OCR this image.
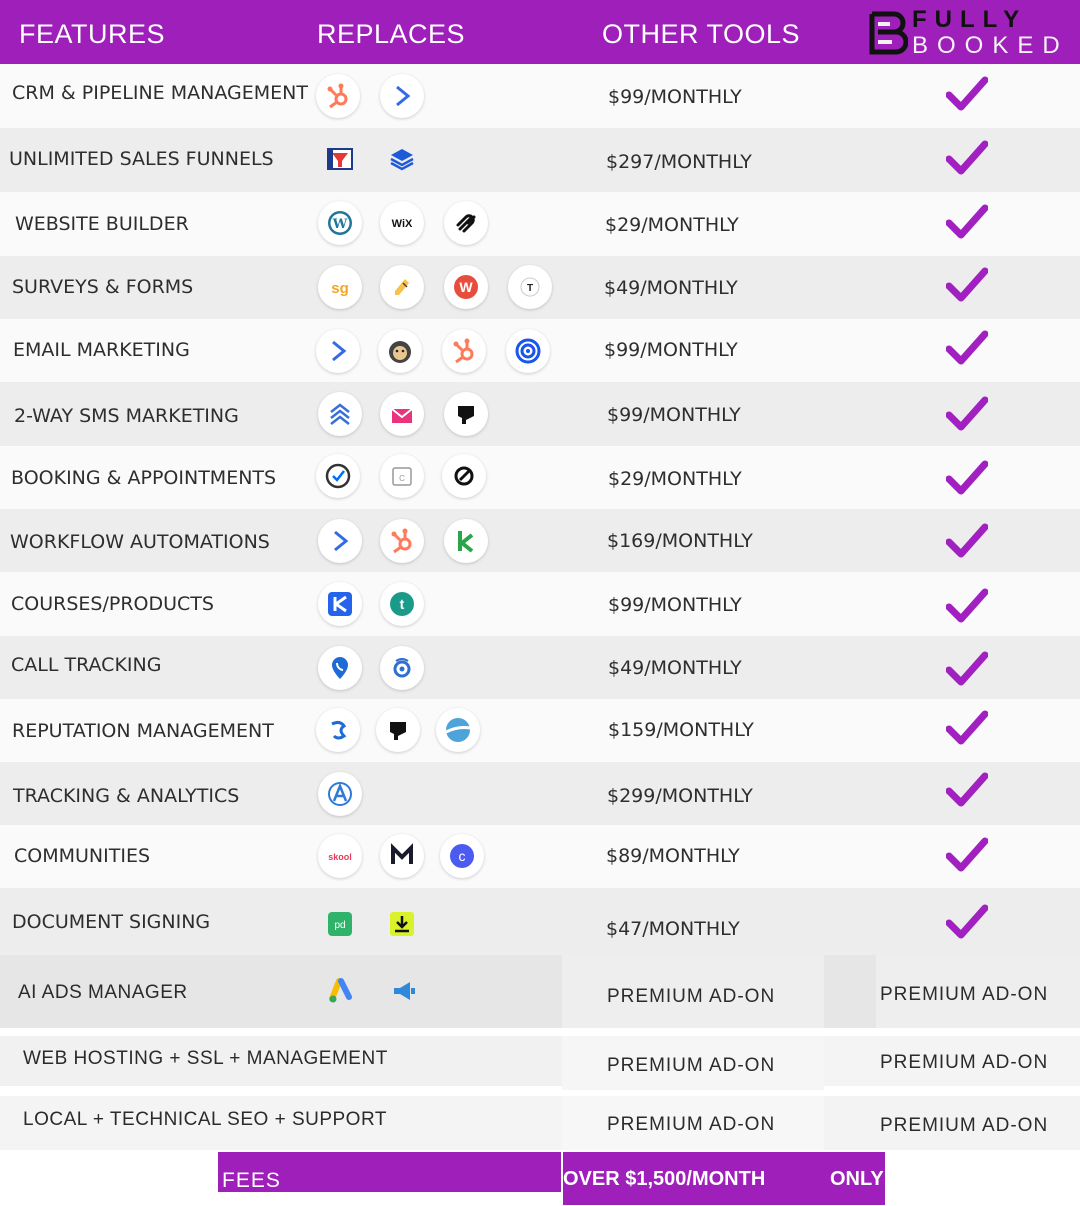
FEATURES	REPLACES	OTHER TOOLS	FULLY
BOOKED
CRM & PIPELINE MANAGEMENT	$99/MONTHLY
UNLIMITED SALES FUNNELS	$297/MONTHLY
WEBSITE BUILDER	W	WiX	$29/MONTHLY
SURVEYS & FORMS	sg	W	T	$49/MONTHLY
EMAIL MARKETING	$99/MONTHLY
2-WAY SMS MARKETING	$99/MONTHLY
BOOKING & APPOINTMENTS	C	$29/MONTHLY
WORKFLOW AUTOMATIONS	$169/MONTHLY
COURSES/PRODUCTS	t	$99/MONTHLY
CALL TRACKING	$49/MONTHLY
REPUTATION MANAGEMENT	$159/MONTHLY
TRACKING & ANALYTICS	$299/MONTHLY
COMMUNITIES	skool	c	$89/MONTHLY
DOCUMENT SIGNING	pd	$47/MONTHLY
AI ADS MANAGER	PREMIUM AD-ON	PREMIUM AD-ON
WEB HOSTING + SSL + MANAGEMENT	PREMIUM AD-ON	PREMIUM AD-ON
LOCAL + TECHNICAL SEO + SUPPORT	PREMIUM AD-ON	PREMIUM AD-ON
FEES	OVER $1,500/MONTH	ONLY
